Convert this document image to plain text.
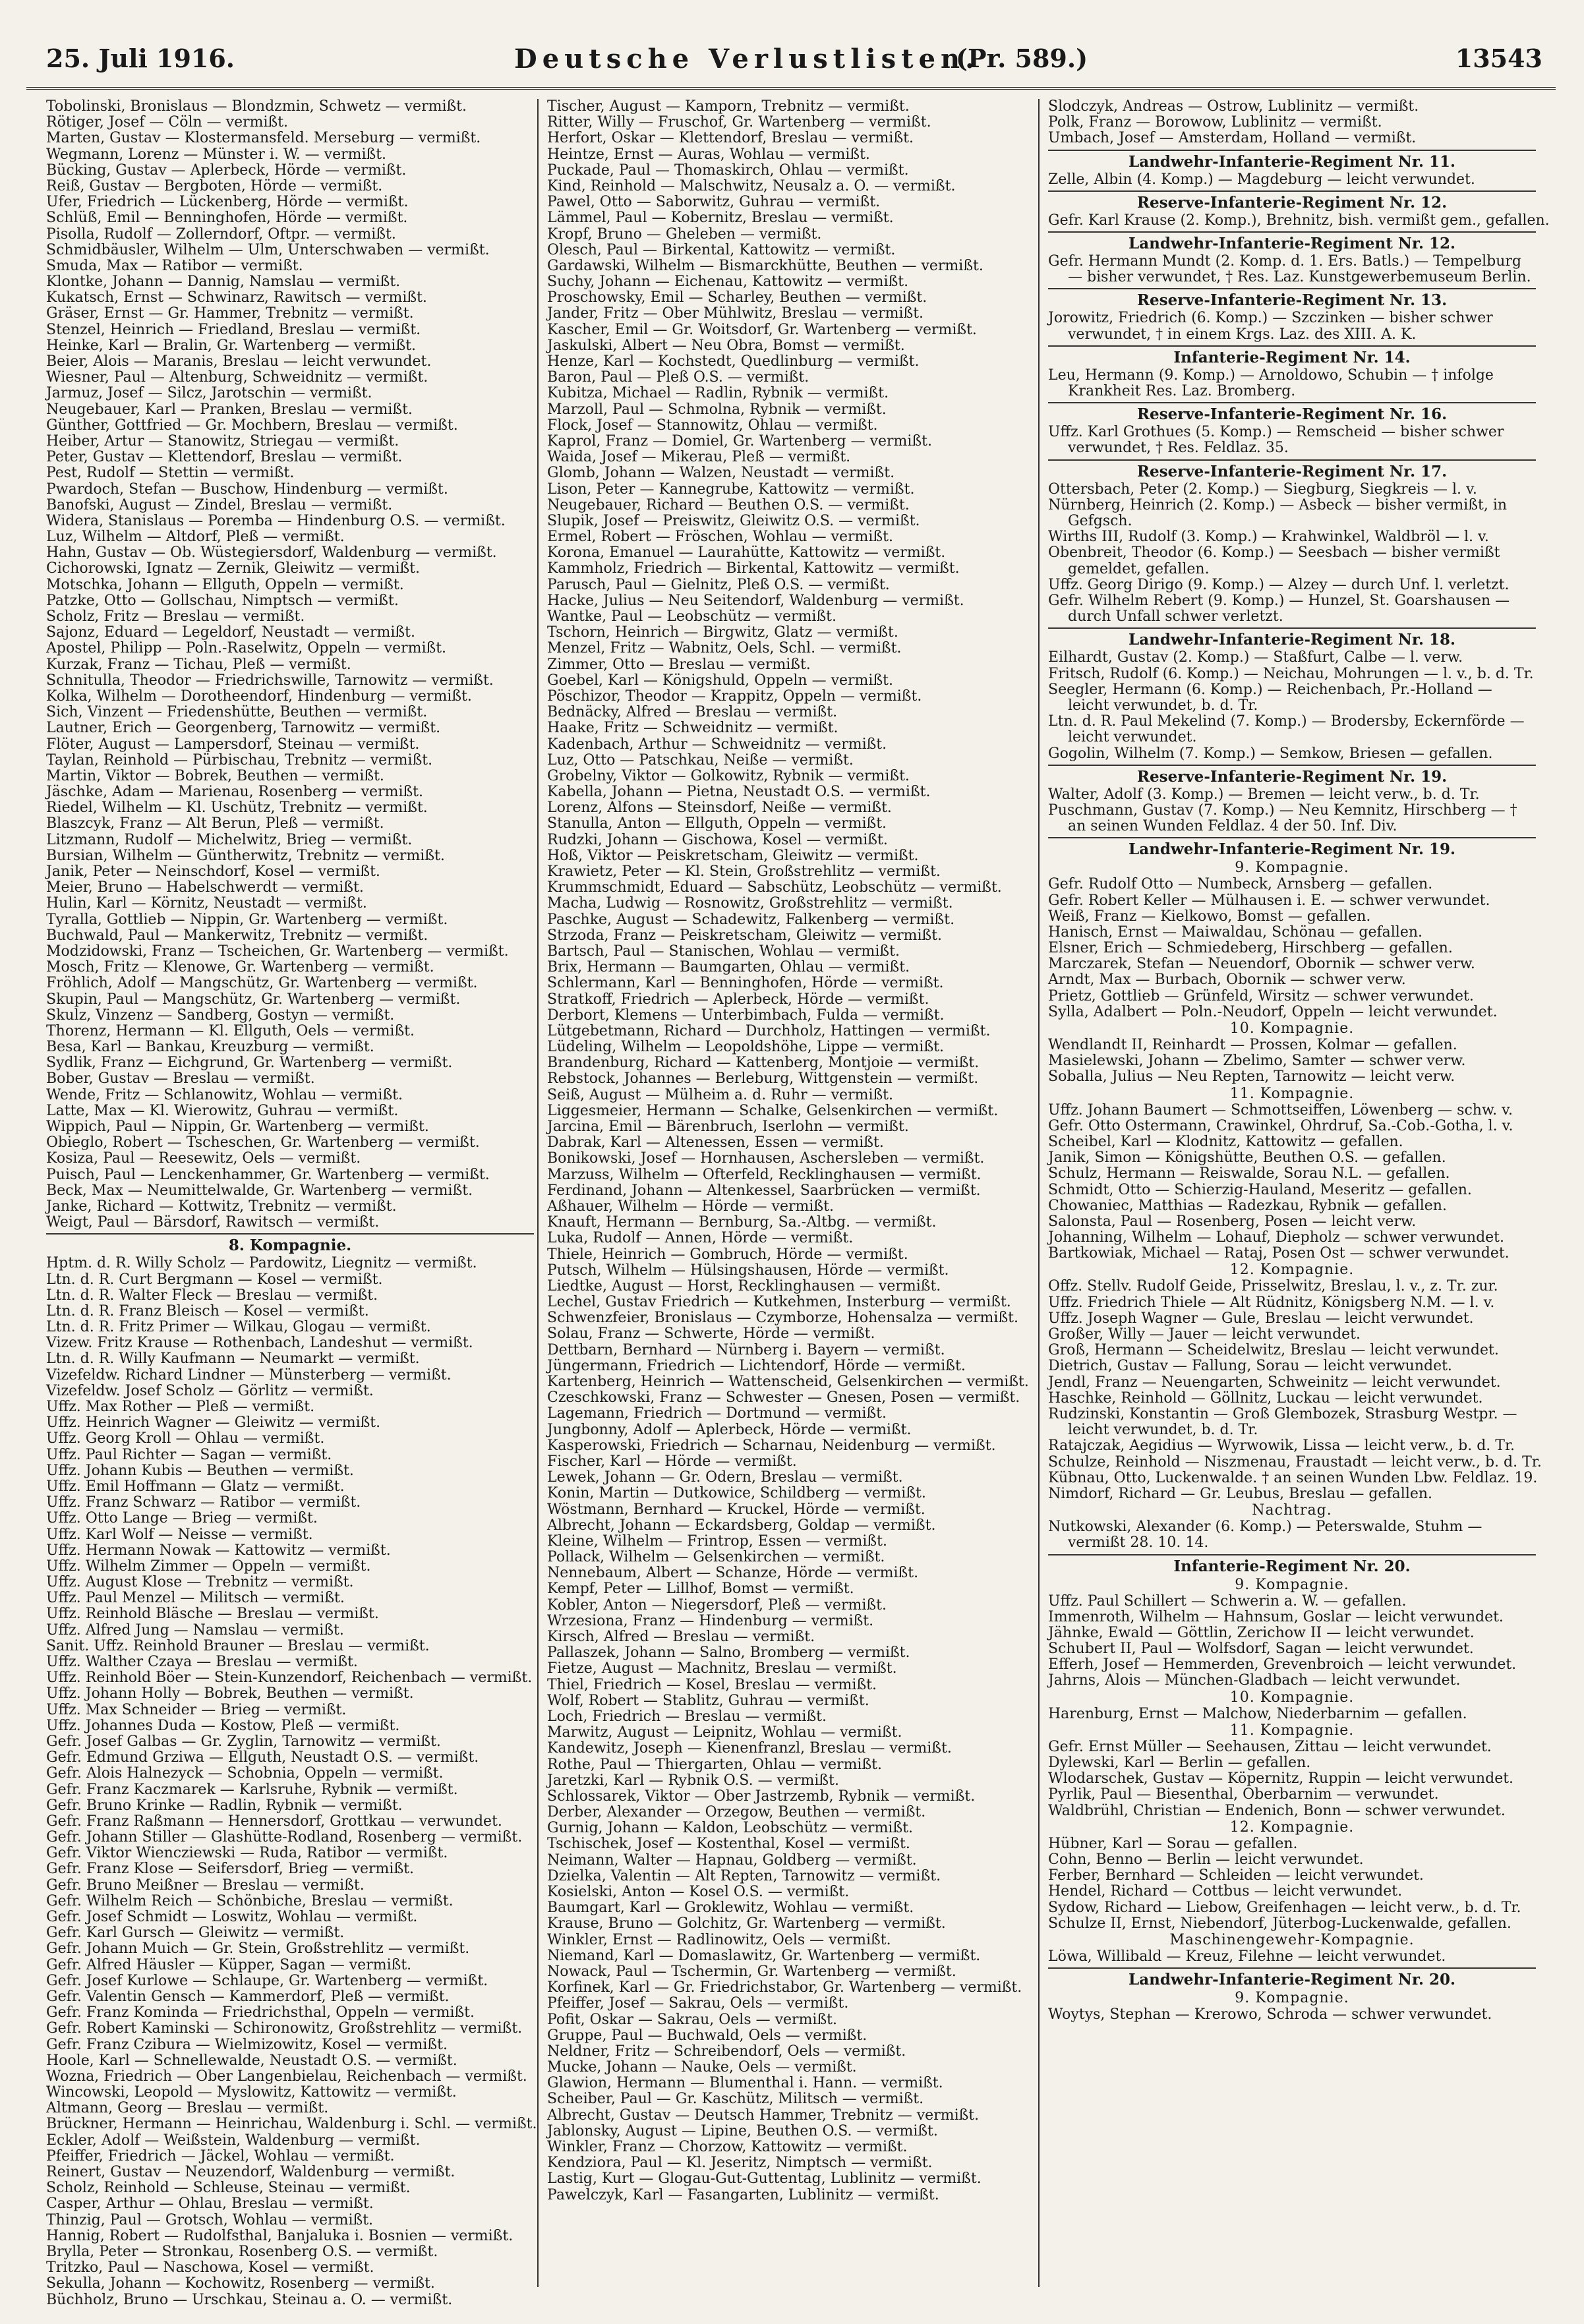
25. Juli 1916.	Deutsche Verlustlisten.
(Pr. 589.)	13543
Tobolinski, Bronislaus — Blondzmin, Schwetz — vermißt.
Rötiger, Josef — Cöln — vermißt.
Marten, Gustav — Klostermansfeld. Merseburg — vermißt.
Wegmann, Lorenz — Münster i. W. — vermißt.
Bücking, Gustav — Aplerbeck, Hörde — vermißt.
Reiß, Gustav — Bergboten, Hörde — vermißt.
Ufer, Friedrich — Lückenberg, Hörde — vermißt.
Schlüß, Emil — Benninghofen, Hörde — vermißt.
Pisolla, Rudolf — Zollerndorf, Oftpr. — vermißt.
Schmidbäusler, Wilhelm — Ulm, Unterschwaben — vermißt.
Smuda, Max — Ratibor — vermißt.
Klontke, Johann — Dannig, Namslau — vermißt.
Kukatsch, Ernst — Schwinarz, Rawitsch — vermißt.
Gräser, Ernst — Gr. Hammer, Trebnitz — vermißt.
Stenzel, Heinrich — Friedland, Breslau — vermißt.
Heinke, Karl — Bralin, Gr. Wartenberg — vermißt.
Beier, Alois — Maranis, Breslau — leicht verwundet.
Wiesner, Paul — Altenburg, Schweidnitz — vermißt.
Jarmuz, Josef — Silcz, Jarotschin — vermißt.
Neugebauer, Karl — Pranken, Breslau — vermißt.
Günther, Gottfried — Gr. Mochbern, Breslau — vermißt.
Heiber, Artur — Stanowitz, Striegau — vermißt.
Peter, Gustav — Klettendorf, Breslau — vermißt.
Pest, Rudolf — Stettin — vermißt.
Pwardoch, Stefan — Buschow, Hindenburg — vermißt.
Banofski, August — Zindel, Breslau — vermißt.
Widera, Stanislaus — Poremba — Hindenburg O.S. — vermißt.
Luz, Wilhelm — Altdorf, Pleß — vermißt.
Hahn, Gustav — Ob. Wüstegiersdorf, Waldenburg — vermißt.
Cichorowski, Ignatz — Zernik, Gleiwitz — vermißt.
Motschka, Johann — Ellguth, Oppeln — vermißt.
Patzke, Otto — Gollschau, Nimptsch — vermißt.
Scholz, Fritz — Breslau — vermißt.
Sajonz, Eduard — Legeldorf, Neustadt — vermißt.
Apostel, Philipp — Poln.-Raselwitz, Oppeln — vermißt.
Kurzak, Franz — Tichau, Pleß — vermißt.
Schnitulla, Theodor — Friedrichswille, Tarnowitz — vermißt.
Kolka, Wilhelm — Dorotheendorf, Hindenburg — vermißt.
Sich, Vinzent — Friedenshütte, Beuthen — vermißt.
Lautner, Erich — Georgenberg, Tarnowitz — vermißt.
Flöter, August — Lampersdorf, Steinau — vermißt.
Taylan, Reinhold — Pürbischau, Trebnitz — vermißt.
Martin, Viktor — Bobrek, Beuthen — vermißt.
Jäschke, Adam — Marienau, Rosenberg — vermißt.
Riedel, Wilhelm — Kl. Uschütz, Trebnitz — vermißt.
Blaszcyk, Franz — Alt Berun, Pleß — vermißt.
Litzmann, Rudolf — Michelwitz, Brieg — vermißt.
Bursian, Wilhelm — Güntherwitz, Trebnitz — vermißt.
Janik, Peter — Neinschdorf, Kosel — vermißt.
Meier, Bruno — Habelschwerdt — vermißt.
Hulin, Karl — Körnitz, Neustadt — vermißt.
Tyralla, Gottlieb — Nippin, Gr. Wartenberg — vermißt.
Buchwald, Paul — Mankerwitz, Trebnitz — vermißt.
Modzidowski, Franz — Tscheichen, Gr. Wartenberg — vermißt.
Mosch, Fritz — Klenowe, Gr. Wartenberg — vermißt.
Fröhlich, Adolf — Mangschütz, Gr. Wartenberg — vermißt.
Skupin, Paul — Mangschütz, Gr. Wartenberg — vermißt.
Skulz, Vinzenz — Sandberg, Gostyn — vermißt.
Thorenz, Hermann — Kl. Ellguth, Oels — vermißt.
Besa, Karl — Bankau, Kreuzburg — vermißt.
Sydlik, Franz — Eichgrund, Gr. Wartenberg — vermißt.
Bober, Gustav — Breslau — vermißt.
Wende, Fritz — Schlanowitz, Wohlau — vermißt.
Latte, Max — Kl. Wierowitz, Guhrau — vermißt.
Wippich, Paul — Nippin, Gr. Wartenberg — vermißt.
Obieglo, Robert — Tscheschen, Gr. Wartenberg — vermißt.
Kosiza, Paul — Reesewitz, Oels — vermißt.
Puisch, Paul — Lenckenhammer, Gr. Wartenberg — vermißt.
Beck, Max — Neumittelwalde, Gr. Wartenberg — vermißt.
Janke, Richard — Kottwitz, Trebnitz — vermißt.
Weigt, Paul — Bärsdorf, Rawitsch — vermißt.
8. Kompagnie.
Hptm. d. R. Willy Scholz — Pardowitz, Liegnitz — vermißt.
Ltn. d. R. Curt Bergmann — Kosel — vermißt.
Ltn. d. R. Walter Fleck — Breslau — vermißt.
Ltn. d. R. Franz Bleisch — Kosel — vermißt.
Ltn. d. R. Fritz Primer — Wilkau, Glogau — vermißt.
Vizew. Fritz Krause — Rothenbach, Landeshut — vermißt.
Ltn. d. R. Willy Kaufmann — Neumarkt — vermißt.
Vizefeldw. Richard Lindner — Münsterberg — vermißt.
Vizefeldw. Josef Scholz — Görlitz — vermißt.
Uffz. Max Rother — Pleß — vermißt.
Uffz. Heinrich Wagner — Gleiwitz — vermißt.
Uffz. Georg Kroll — Ohlau — vermißt.
Uffz. Paul Richter — Sagan — vermißt.
Uffz. Johann Kubis — Beuthen — vermißt.
Uffz. Emil Hoffmann — Glatz — vermißt.
Uffz. Franz Schwarz — Ratibor — vermißt.
Uffz. Otto Lange — Brieg — vermißt.
Uffz. Karl Wolf — Neisse — vermißt.
Uffz. Hermann Nowak — Kattowitz — vermißt.
Uffz. Wilhelm Zimmer — Oppeln — vermißt.
Uffz. August Klose — Trebnitz — vermißt.
Uffz. Paul Menzel — Militsch — vermißt.
Uffz. Reinhold Bläsche — Breslau — vermißt.
Uffz. Alfred Jung — Namslau — vermißt.
Sanit. Uffz. Reinhold Brauner — Breslau — vermißt.
Uffz. Walther Czaya — Breslau — vermißt.
Uffz. Reinhold Böer — Stein-Kunzendorf, Reichenbach — vermißt.
Uffz. Johann Holly — Bobrek, Beuthen — vermißt.
Uffz. Max Schneider — Brieg — vermißt.
Uffz. Johannes Duda — Kostow, Pleß — vermißt.
Gefr. Josef Galbas — Gr. Zyglin, Tarnowitz — vermißt.
Gefr. Edmund Grziwa — Ellguth, Neustadt O.S. — vermißt.
Gefr. Alois Halnezyck — Schobnia, Oppeln — vermißt.
Gefr. Franz Kaczmarek — Karlsruhe, Rybnik — vermißt.
Gefr. Bruno Krinke — Radlin, Rybnik — vermißt.
Gefr. Franz Raßmann — Hennersdorf, Grottkau — verwundet.
Gefr. Johann Stiller — Glashütte-Rodland, Rosenberg — vermißt.
Gefr. Viktor Wiencziewski — Ruda, Ratibor — vermißt.
Gefr. Franz Klose — Seifersdorf, Brieg — vermißt.
Gefr. Bruno Meißner — Breslau — vermißt.
Gefr. Wilhelm Reich — Schönbiche, Breslau — vermißt.
Gefr. Josef Schmidt — Loswitz, Wohlau — vermißt.
Gefr. Karl Gursch — Gleiwitz — vermißt.
Gefr. Johann Muich — Gr. Stein, Großstrehlitz — vermißt.
Gefr. Alfred Häusler — Küpper, Sagan — vermißt.
Gefr. Josef Kurlowe — Schlaupe, Gr. Wartenberg — vermißt.
Gefr. Valentin Gensch — Kammerdorf, Pleß — vermißt.
Gefr. Franz Kominda — Friedrichsthal, Oppeln — vermißt.
Gefr. Robert Kaminski — Schironowitz, Großstrehlitz — vermißt.
Gefr. Franz Czibura — Wielmizowitz, Kosel — vermißt.
Hoole, Karl — Schnellewalde, Neustadt O.S. — vermißt.
Wozna, Friedrich — Ober Langenbielau, Reichenbach — vermißt.
Wincowski, Leopold — Myslowitz, Kattowitz — vermißt.
Altmann, Georg — Breslau — vermißt.
Brückner, Hermann — Heinrichau, Waldenburg i. Schl. — vermißt.
Eckler, Adolf — Weißstein, Waldenburg — vermißt.
Pfeiffer, Friedrich — Jäckel, Wohlau — vermißt.
Reinert, Gustav — Neuzendorf, Waldenburg — vermißt.
Scholz, Reinhold — Schleuse, Steinau — vermißt.
Casper, Arthur — Ohlau, Breslau — vermißt.
Thinzig, Paul — Grotsch, Wohlau — vermißt.
Hannig, Robert — Rudolfsthal, Banjaluka i. Bosnien — vermißt.
Brylla, Peter — Stronkau, Rosenberg O.S. — vermißt.
Tritzko, Paul — Naschowa, Kosel — vermißt.
Sekulla, Johann — Kochowitz, Rosenberg — vermißt.
Büchholz, Bruno — Urschkau, Steinau a. O. — vermißt.
Tischer, August — Kamporn, Trebnitz — vermißt.
Ritter, Willy — Fruschof, Gr. Wartenberg — vermißt.
Herfort, Oskar — Klettendorf, Breslau — vermißt.
Heintze, Ernst — Auras, Wohlau — vermißt.
Puckade, Paul — Thomaskirch, Ohlau — vermißt.
Kind, Reinhold — Malschwitz, Neusalz a. O. — vermißt.
Pawel, Otto — Saborwitz, Guhrau — vermißt.
Lämmel, Paul — Kobernitz, Breslau — vermißt.
Kropf, Bruno — Gheleben — vermißt.
Olesch, Paul — Birkental, Kattowitz — vermißt.
Gardawski, Wilhelm — Bismarckhütte, Beuthen — vermißt.
Suchy, Johann — Eichenau, Kattowitz — vermißt.
Proschowsky, Emil — Scharley, Beuthen — vermißt.
Jander, Fritz — Ober Mühlwitz, Breslau — vermißt.
Kascher, Emil — Gr. Woitsdorf, Gr. Wartenberg — vermißt.
Jaskulski, Albert — Neu Obra, Bomst — vermißt.
Henze, Karl — Kochstedt, Quedlinburg — vermißt.
Baron, Paul — Pleß O.S. — vermißt.
Kubitza, Michael — Radlin, Rybnik — vermißt.
Marzoll, Paul — Schmolna, Rybnik — vermißt.
Flock, Josef — Stannowitz, Ohlau — vermißt.
Kaprol, Franz — Domiel, Gr. Wartenberg — vermißt.
Waida, Josef — Mikerau, Pleß — vermißt.
Glomb, Johann — Walzen, Neustadt — vermißt.
Lison, Peter — Kannegrube, Kattowitz — vermißt.
Neugebauer, Richard — Beuthen O.S. — vermißt.
Slupik, Josef — Preiswitz, Gleiwitz O.S. — vermißt.
Ermel, Robert — Fröschen, Wohlau — vermißt.
Korona, Emanuel — Laurahütte, Kattowitz — vermißt.
Kammholz, Friedrich — Birkental, Kattowitz — vermißt.
Parusch, Paul — Gielnitz, Pleß O.S. — vermißt.
Hacke, Julius — Neu Seitendorf, Waldenburg — vermißt.
Wantke, Paul — Leobschütz — vermißt.
Tschorn, Heinrich — Birgwitz, Glatz — vermißt.
Menzel, Fritz — Wabnitz, Oels, Schl. — vermißt.
Zimmer, Otto — Breslau — vermißt.
Goebel, Karl — Königshuld, Oppeln — vermißt.
Pöschizor, Theodor — Krappitz, Oppeln — vermißt.
Bednäcky, Alfred — Breslau — vermißt.
Haake, Fritz — Schweidnitz — vermißt.
Kadenbach, Arthur — Schweidnitz — vermißt.
Luz, Otto — Patschkau, Neiße — vermißt.
Grobelny, Viktor — Golkowitz, Rybnik — vermißt.
Kabella, Johann — Pietna, Neustadt O.S. — vermißt.
Lorenz, Alfons — Steinsdorf, Neiße — vermißt.
Stanulla, Anton — Ellguth, Oppeln — vermißt.
Rudzki, Johann — Gischowa, Kosel — vermißt.
Hoß, Viktor — Peiskretscham, Gleiwitz — vermißt.
Krawietz, Peter — Kl. Stein, Großstrehlitz — vermißt.
Krummschmidt, Eduard — Sabschütz, Leobschütz — vermißt.
Macha, Ludwig — Rosnowitz, Großstrehlitz — vermißt.
Paschke, August — Schadewitz, Falkenberg — vermißt.
Strzoda, Franz — Peiskretscham, Gleiwitz — vermißt.
Bartsch, Paul — Stanischen, Wohlau — vermißt.
Brix, Hermann — Baumgarten, Ohlau — vermißt.
Schlermann, Karl — Benninghofen, Hörde — vermißt.
Stratkoff, Friedrich — Aplerbeck, Hörde — vermißt.
Derbort, Klemens — Unterbimbach, Fulda — vermißt.
Lütgebetmann, Richard — Durchholz, Hattingen — vermißt.
Lüdeling, Wilhelm — Leopoldshöhe, Lippe — vermißt.
Brandenburg, Richard — Kattenberg, Montjoie — vermißt.
Rebstock, Johannes — Berleburg, Wittgenstein — vermißt.
Seiß, August — Mülheim a. d. Ruhr — vermißt.
Liggesmeier, Hermann — Schalke, Gelsenkirchen — vermißt.
Jarcina, Emil — Bärenbruch, Iserlohn — vermißt.
Dabrak, Karl — Altenessen, Essen — vermißt.
Bonikowski, Josef — Hornhausen, Aschersleben — vermißt.
Marzuss, Wilhelm — Ofterfeld, Recklinghausen — vermißt.
Ferdinand, Johann — Altenkessel, Saarbrücken — vermißt.
Aßhauer, Wilhelm — Hörde — vermißt.
Knauft, Hermann — Bernburg, Sa.-Altbg. — vermißt.
Luka, Rudolf — Annen, Hörde — vermißt.
Thiele, Heinrich — Gombruch, Hörde — vermißt.
Putsch, Wilhelm — Hülsingshausen, Hörde — vermißt.
Liedtke, August — Horst, Recklinghausen — vermißt.
Lechel, Gustav Friedrich — Kutkehmen, Insterburg — vermißt.
Schwenzfeier, Bronislaus — Czymborze, Hohensalza — vermißt.
Solau, Franz — Schwerte, Hörde — vermißt.
Dettbarn, Bernhard — Nürnberg i. Bayern — vermißt.
Jüngermann, Friedrich — Lichtendorf, Hörde — vermißt.
Kartenberg, Heinrich — Wattenscheid, Gelsenkirchen — vermißt.
Czeschkowski, Franz — Schwester — Gnesen, Posen — vermißt.
Lagemann, Friedrich — Dortmund — vermißt.
Jungbonny, Adolf — Aplerbeck, Hörde — vermißt.
Kasperowski, Friedrich — Scharnau, Neidenburg — vermißt.
Fischer, Karl — Hörde — vermißt.
Lewek, Johann — Gr. Odern, Breslau — vermißt.
Konin, Martin — Dutkowice, Schildberg — vermißt.
Wöstmann, Bernhard — Kruckel, Hörde — vermißt.
Albrecht, Johann — Eckardsberg, Goldap — vermißt.
Kleine, Wilhelm — Frintrop, Essen — vermißt.
Pollack, Wilhelm — Gelsenkirchen — vermißt.
Nennebaum, Albert — Schanze, Hörde — vermißt.
Kempf, Peter — Lillhof, Bomst — vermißt.
Kobler, Anton — Niegersdorf, Pleß — vermißt.
Wrzesiona, Franz — Hindenburg — vermißt.
Kirsch, Alfred — Breslau — vermißt.
Pallaszek, Johann — Salno, Bromberg — vermißt.
Fietze, August — Machnitz, Breslau — vermißt.
Thiel, Friedrich — Kosel, Breslau — vermißt.
Wolf, Robert — Stablitz, Guhrau — vermißt.
Loch, Friedrich — Breslau — vermißt.
Marwitz, August — Leipnitz, Wohlau — vermißt.
Kandewitz, Joseph — Kienenfranzl, Breslau — vermißt.
Rothe, Paul — Thiergarten, Ohlau — vermißt.
Jaretzki, Karl — Rybnik O.S. — vermißt.
Schlossarek, Viktor — Ober Jastrzemb, Rybnik — vermißt.
Derber, Alexander — Orzegow, Beuthen — vermißt.
Gurnig, Johann — Kaldon, Leobschütz — vermißt.
Tschischek, Josef — Kostenthal, Kosel — vermißt.
Neimann, Walter — Hapnau, Goldberg — vermißt.
Dzielka, Valentin — Alt Repten, Tarnowitz — vermißt.
Kosielski, Anton — Kosel O.S. — vermißt.
Baumgart, Karl — Groklewitz, Wohlau — vermißt.
Krause, Bruno — Golchitz, Gr. Wartenberg — vermißt.
Winkler, Ernst — Radlinowitz, Oels — vermißt.
Niemand, Karl — Domaslawitz, Gr. Wartenberg — vermißt.
Nowack, Paul — Tschermin, Gr. Wartenberg — vermißt.
Korfinek, Karl — Gr. Friedrichstabor, Gr. Wartenberg — vermißt.
Pfeiffer, Josef — Sakrau, Oels — vermißt.
Pofit, Oskar — Sakrau, Oels — vermißt.
Gruppe, Paul — Buchwald, Oels — vermißt.
Neldner, Fritz — Schreibendorf, Oels — vermißt.
Mucke, Johann — Nauke, Oels — vermißt.
Glawion, Hermann — Blumenthal i. Hann. — vermißt.
Scheiber, Paul — Gr. Kaschütz, Militsch — vermißt.
Albrecht, Gustav — Deutsch Hammer, Trebnitz — vermißt.
Jablonsky, August — Lipine, Beuthen O.S. — vermißt.
Winkler, Franz — Chorzow, Kattowitz — vermißt.
Kendziora, Paul — Kl. Jeseritz, Nimptsch — vermißt.
Lastig, Kurt — Glogau-Gut-Guttentag, Lublinitz — vermißt.
Pawelczyk, Karl — Fasangarten, Lublinitz — vermißt.
Slodczyk, Andreas — Ostrow, Lublinitz — vermißt.
Polk, Franz — Borowow, Lublinitz — vermißt.
Umbach, Josef — Amsterdam, Holland — vermißt.
Landwehr-Infanterie-Regiment Nr. 11.
Zelle, Albin (4. Komp.) — Magdeburg — leicht verwundet.
Reserve-Infanterie-Regiment Nr. 12.
Gefr. Karl Krause (2. Komp.), Brehnitz, bish. vermißt gem., gefallen.
Landwehr-Infanterie-Regiment Nr. 12.
Gefr. Hermann Mundt (2. Komp. d. 1. Ers. Batls.) — Tempelburg — bisher verwundet, † Res. Laz. Kunstgewerbemuseum Berlin.
Reserve-Infanterie-Regiment Nr. 13.
Jorowitz, Friedrich (6. Komp.) — Szczinken — bisher schwer verwundet, † in einem Krgs. Laz. des XIII. A. K.
Infanterie-Regiment Nr. 14.
Leu, Hermann (9. Komp.) — Arnoldowo, Schubin — † infolge Krankheit Res. Laz. Bromberg.
Reserve-Infanterie-Regiment Nr. 16.
Uffz. Karl Grothues (5. Komp.) — Remscheid — bisher schwer verwundet, † Res. Feldlaz. 35.
Reserve-Infanterie-Regiment Nr. 17.
Ottersbach, Peter (2. Komp.) — Siegburg, Siegkreis — l. v.
Nürnberg, Heinrich (2. Komp.) — Asbeck — bisher vermißt, in Gefgsch.
Wirths III, Rudolf (3. Komp.) — Krahwinkel, Waldbröl — l. v.
Obenbreit, Theodor (6. Komp.) — Seesbach — bisher vermißt gemeldet, gefallen.
Uffz. Georg Dirigo (9. Komp.) — Alzey — durch Unf. l. verletzt.
Gefr. Wilhelm Rebert (9. Komp.) — Hunzel, St. Goarshausen — durch Unfall schwer verletzt.
Landwehr-Infanterie-Regiment Nr. 18.
Eilhardt, Gustav (2. Komp.) — Staßfurt, Calbe — l. verw.
Fritsch, Rudolf (6. Komp.) — Neichau, Mohrungen — l. v., b. d. Tr.
Seegler, Hermann (6. Komp.) — Reichenbach, Pr.-Holland — leicht verwundet, b. d. Tr.
Ltn. d. R. Paul Mekelind (7. Komp.) — Brodersby, Eckernförde — leicht verwundet.
Gogolin, Wilhelm (7. Komp.) — Semkow, Briesen — gefallen.
Reserve-Infanterie-Regiment Nr. 19.
Walter, Adolf (3. Komp.) — Bremen — leicht verw., b. d. Tr.
Puschmann, Gustav (7. Komp.) — Neu Kemnitz, Hirschberg — † an seinen Wunden Feldlaz. 4 der 50. Inf. Div.
Landwehr-Infanterie-Regiment Nr. 19.
9. Kompagnie.
Gefr. Rudolf Otto — Numbeck, Arnsberg — gefallen.
Gefr. Robert Keller — Mülhausen i. E. — schwer verwundet.
Weiß, Franz — Kielkowo, Bomst — gefallen.
Hanisch, Ernst — Maiwaldau, Schönau — gefallen.
Elsner, Erich — Schmiedeberg, Hirschberg — gefallen.
Marczarek, Stefan — Neuendorf, Obornik — schwer verw.
Arndt, Max — Burbach, Obornik — schwer verw.
Prietz, Gottlieb — Grünfeld, Wirsitz — schwer verwundet.
Sylla, Adalbert — Poln.-Neudorf, Oppeln — leicht verwundet.
10. Kompagnie.
Wendlandt II, Reinhardt — Prossen, Kolmar — gefallen.
Masielewski, Johann — Zbelimo, Samter — schwer verw.
Soballa, Julius — Neu Repten, Tarnowitz — leicht verw.
11. Kompagnie.
Uffz. Johann Baumert — Schmottseiffen, Löwenberg — schw. v.
Gefr. Otto Ostermann, Crawinkel, Ohrdruf, Sa.-Cob.-Gotha, l. v.
Scheibel, Karl — Klodnitz, Kattowitz — gefallen.
Janik, Simon — Königshütte, Beuthen O.S. — gefallen.
Schulz, Hermann — Reiswalde, Sorau N.L. — gefallen.
Schmidt, Otto — Schierzig-Hauland, Meseritz — gefallen.
Chowaniec, Matthias — Radezkau, Rybnik — gefallen.
Salonsta, Paul — Rosenberg, Posen — leicht verw.
Johanning, Wilhelm — Lohauf, Diepholz — schwer verwundet.
Bartkowiak, Michael — Rataj, Posen Ost — schwer verwundet.
12. Kompagnie.
Offz. Stellv. Rudolf Geide, Prisselwitz, Breslau, l. v., z. Tr. zur.
Uffz. Friedrich Thiele — Alt Rüdnitz, Königsberg N.M. — l. v.
Uffz. Joseph Wagner — Gule, Breslau — leicht verwundet.
Großer, Willy — Jauer — leicht verwundet.
Groß, Hermann — Scheidelwitz, Breslau — leicht verwundet.
Dietrich, Gustav — Fallung, Sorau — leicht verwundet.
Jendl, Franz — Neuengarten, Schweinitz — leicht verwundet.
Haschke, Reinhold — Göllnitz, Luckau — leicht verwundet.
Rudzinski, Konstantin — Groß Glembozek, Strasburg Westpr. — leicht verwundet, b. d. Tr.
Ratajczak, Aegidius — Wyrwowik, Lissa — leicht verw., b. d. Tr.
Schulze, Reinhold — Niszmenau, Fraustadt — leicht verw., b. d. Tr.
Kübnau, Otto, Luckenwalde. † an seinen Wunden Lbw. Feldlaz. 19.
Nimdorf, Richard — Gr. Leubus, Breslau — gefallen.
Nachtrag.
Nutkowski, Alexander (6. Komp.) — Peterswalde, Stuhm — vermißt 28. 10. 14.
Infanterie-Regiment Nr. 20.
9. Kompagnie.
Uffz. Paul Schillert — Schwerin a. W. — gefallen.
Immenroth, Wilhelm — Hahnsum, Goslar — leicht verwundet.
Jähnke, Ewald — Göttlin, Zerichow II — leicht verwundet.
Schubert II, Paul — Wolfsdorf, Sagan — leicht verwundet.
Efferh, Josef — Hemmerden, Grevenbroich — leicht verwundet.
Jahrns, Alois — München-Gladbach — leicht verwundet.
10. Kompagnie.
Harenburg, Ernst — Malchow, Niederbarnim — gefallen.
11. Kompagnie.
Gefr. Ernst Müller — Seehausen, Zittau — leicht verwundet.
Dylewski, Karl — Berlin — gefallen.
Wlodarschek, Gustav — Köpernitz, Ruppin — leicht verwundet.
Pyrlik, Paul — Biesenthal, Oberbarnim — verwundet.
Waldbrühl, Christian — Endenich, Bonn — schwer verwundet.
12. Kompagnie.
Hübner, Karl — Sorau — gefallen.
Cohn, Benno — Berlin — leicht verwundet.
Ferber, Bernhard — Schleiden — leicht verwundet.
Hendel, Richard — Cottbus — leicht verwundet.
Sydow, Richard — Liebow, Greifenhagen — leicht verw., b. d. Tr.
Schulze II, Ernst, Niebendorf, Jüterbog-Luckenwalde, gefallen.
Maschinengewehr-Kompagnie.
Löwa, Willibald — Kreuz, Filehne — leicht verwundet.
Landwehr-Infanterie-Regiment Nr. 20.
9. Kompagnie.
Woytys, Stephan — Krerowo, Schroda — schwer verwundet.
